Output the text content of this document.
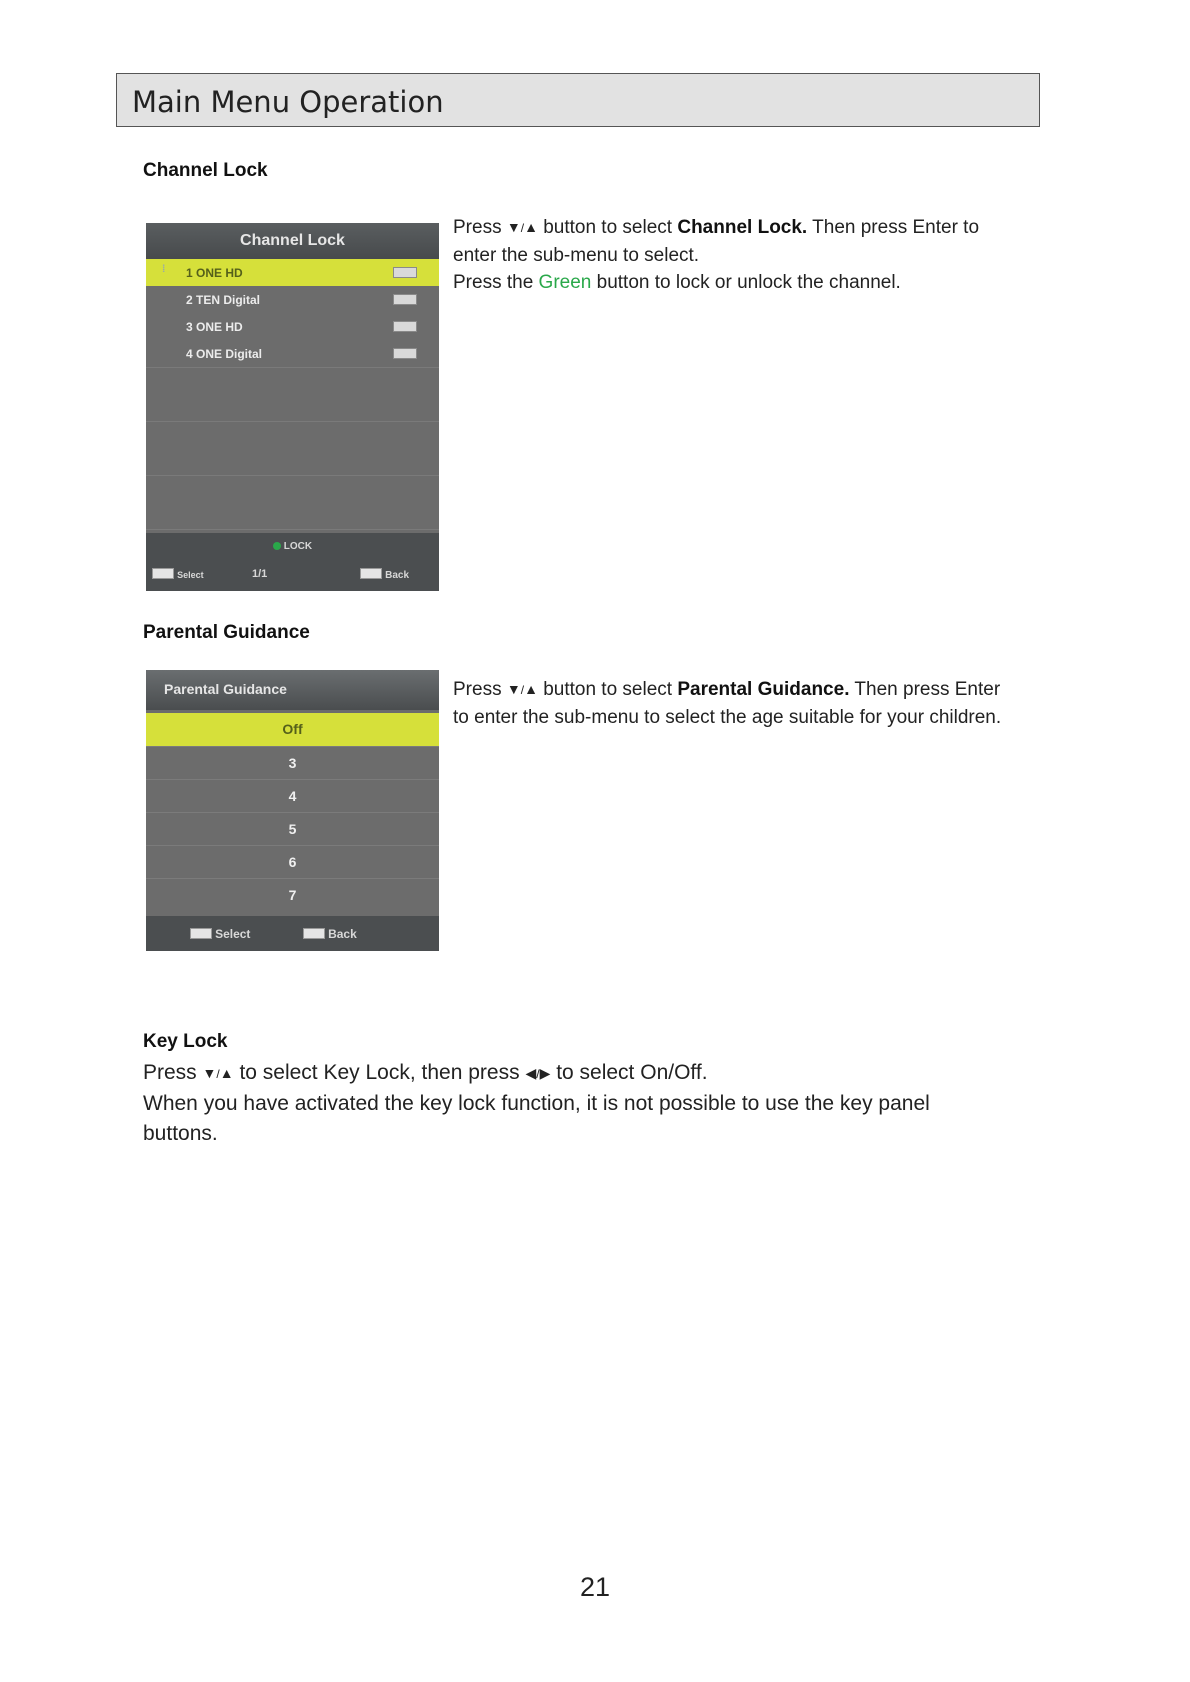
Main Menu Operation
Channel Lock
Channel Lock
⁞ 1 ONE HD
2 TEN Digital
3 ONE HD
4 ONE Digital
LOCK
Select	1/1	Back
Press ▼/▲ button to select Channel Lock. Then press Enter to
enter the sub-menu to select.
Press the Green button to lock or unlock the channel.
Parental Guidance
Parental Guidance
Off
3
4
5
6
7
Select	Back
Press ▼/▲ button to select Parental Guidance. Then press Enter
to enter the sub-menu to select the age suitable for your children.
Key Lock
Press ▼/▲ to select Key Lock, then press ◀/▶ to select On/Off.
When you have activated the key lock function, it is not possible to use the key panel
buttons.
21
